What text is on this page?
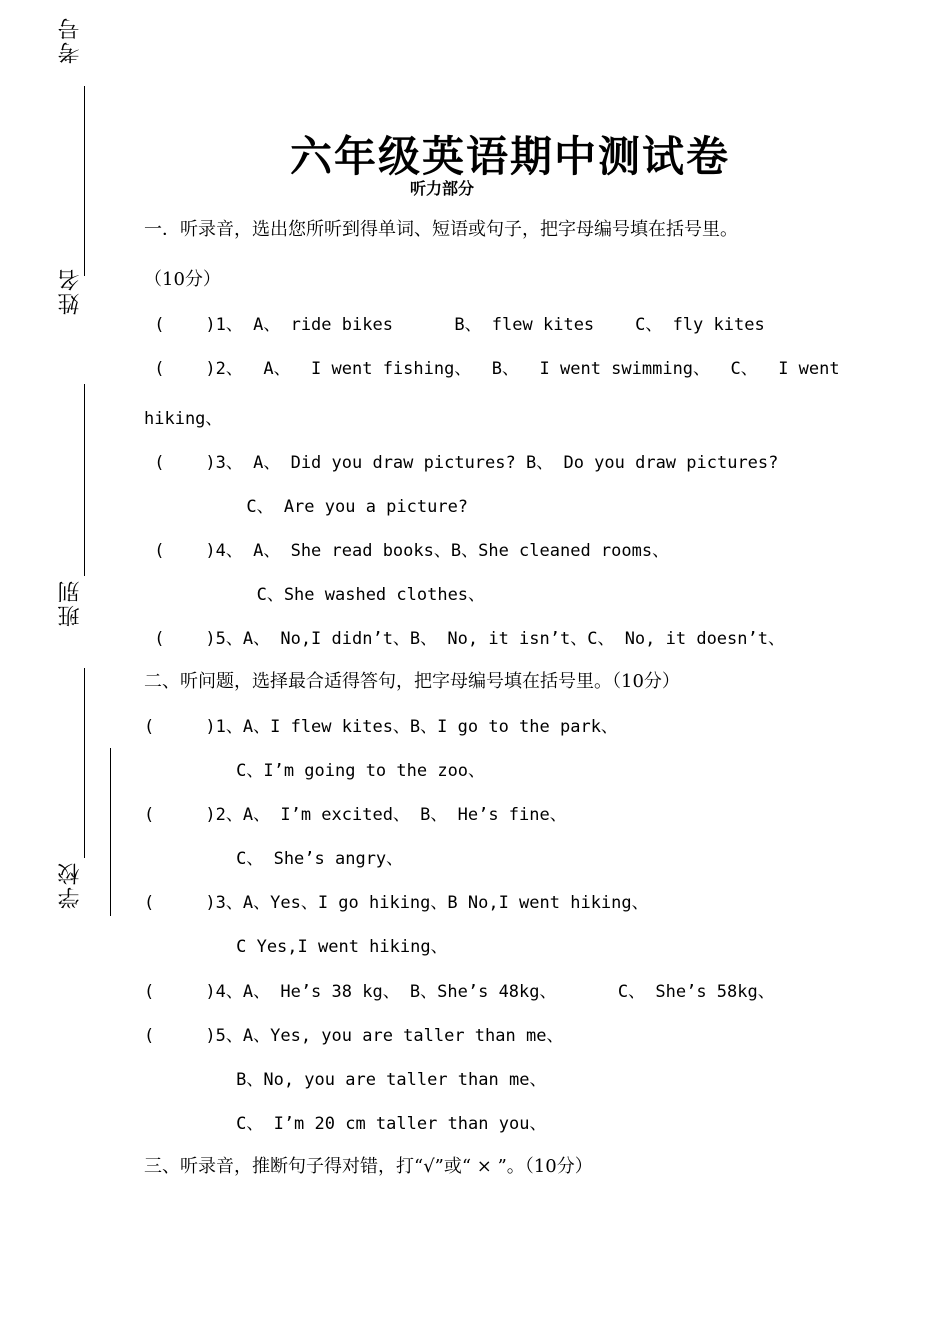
考号
姓名
班别
学校
六年级英语期中测试卷
听力部分
一．听录音，选出您所听到得单词、短语或句子，把字母编号填在括号里。
（10分）
(    )1、 A、 ride bikes      B、 flew kites    C、 fly kites
(    )2、  A、  I went fishing、  B、  I went swimming、  C、  I went
hiking、
(    )3、 A、 Did you draw pictures? B、 Do you draw pictures?
C、 Are you a picture?
(    )4、 A、 She read books、B、She cleaned rooms、
C、She washed clothes、
(    )5、A、 No,I didn’t、B、 No, it isn’t、C、 No, it doesn’t、
二、听问题，选择最合适得答句，把字母编号填在括号里。（10分）
(     )1、A、I flew kites、B、I go to the park、
C、I’m going to the zoo、
(     )2、A、 I’m excited、 B、 He’s fine、
C、 She’s angry、
(     )3、A、Yes、I go hiking、B No,I went hiking、
C Yes,I went hiking、
(     )4、A、 He’s 38 kg、 B、She’s 48kg、      C、 She’s 58kg、
(     )5、A、Yes, you are taller than me、
B、No, you are taller than me、
C、 I’m 20 cm taller than you、
三、听录音，推断句子得对错，打“√”或“ × ”。（10分）
